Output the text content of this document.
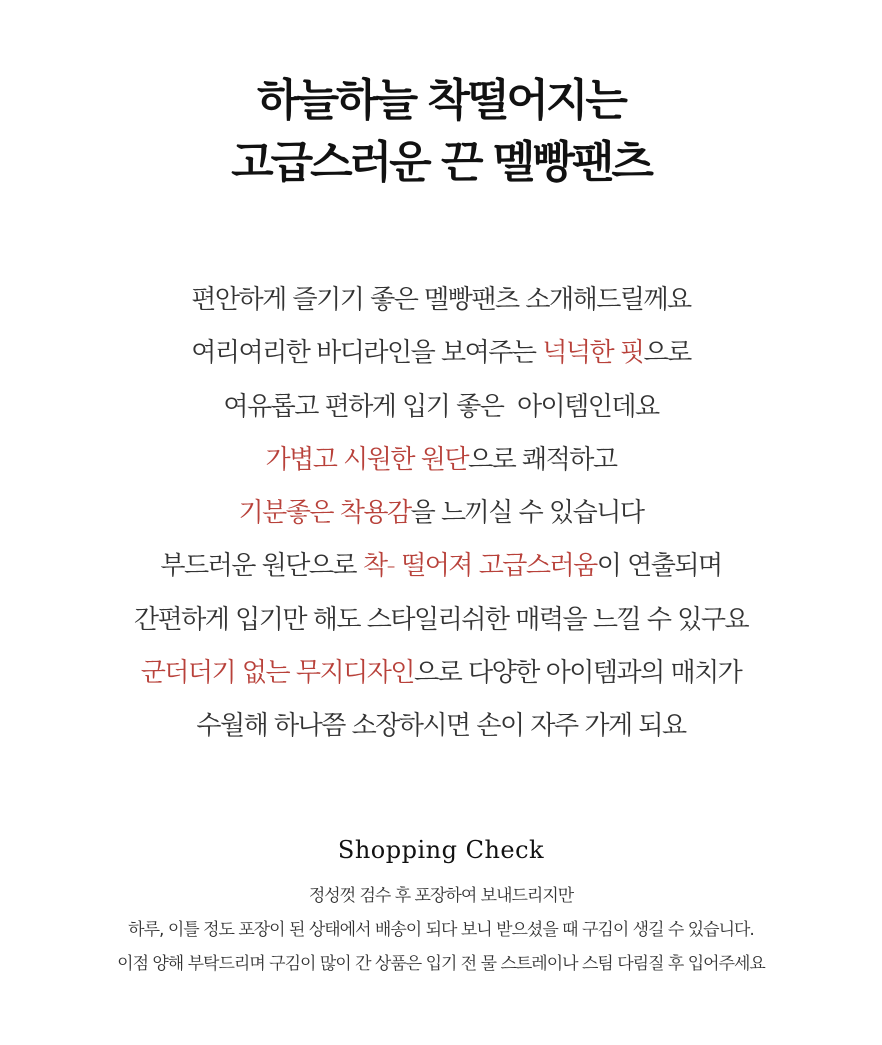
하늘하늘 착떨어지는
고급스러운 끈 멜빵팬츠
편안하게 즐기기 좋은 멜빵팬츠 소개해드릴께요
여리여리한 바디라인을 보여주는 넉넉한 핏으로
여유롭고 편하게 입기 좋은  아이템인데요
가볍고 시원한 원단으로 쾌적하고
기분좋은 착용감을 느끼실 수 있습니다
부드러운 원단으로 착- 떨어져 고급스러움이 연출되며
간편하게 입기만 해도 스타일리쉬한 매력을 느낄 수 있구요
군더더기 없는 무지디자인으로 다양한 아이템과의 매치가
수월해 하나쯤 소장하시면 손이 자주 가게 되요
Shopping Check
정성껏 검수 후 포장하여 보내드리지만
하루, 이틀 정도 포장이 된 상태에서 배송이 되다 보니 받으셨을 때 구김이 생길 수 있습니다.
이점 양해 부탁드리며 구김이 많이 간 상품은 입기 전 물 스트레이나 스팀 다림질 후 입어주세요
